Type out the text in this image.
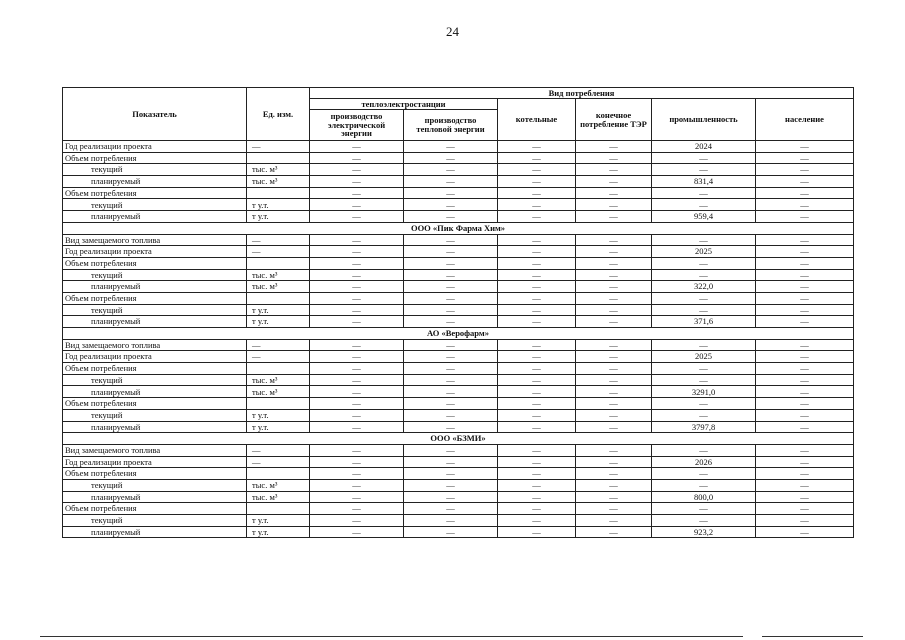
24
Показатель	Ед. изм.	Вид потребления					
		теплоэлектростанции		котельные	конечное потребление ТЭР	промышленность	население
		производство электрической энергии	производство тепловой энергии				
Год реализации проекта	—	—	—	—	—	2024	—
Объем потребления		—	—	—	—	—	—
текущий	тыс. м³	—	—	—	—	—	—
планируемый	тыс. м³	—	—	—	—	831,4	—
Объем потребления		—	—	—	—	—	—
текущий	т у.т.	—	—	—	—	—	—
планируемый	т у.т.	—	—	—	—	959,4	—
ООО «Пик Фарма Хим»							
Вид замещаемого топлива	—	—	—	—	—	—	—
Год реализации проекта	—	—	—	—	—	2025	—
Объем потребления		—	—	—	—	—	—
текущий	тыс. м³	—	—	—	—	—	—
планируемый	тыс. м³	—	—	—	—	322,0	—
Объем потребления		—	—	—	—	—	—
текущий	т у.т.	—	—	—	—	—	—
планируемый	т у.т.	—	—	—	—	371,6	—
АО «Верофарм»							
Вид замещаемого топлива	—	—	—	—	—	—	—
Год реализации проекта	—	—	—	—	—	2025	—
Объем потребления		—	—	—	—	—	—
текущий	тыс. м³	—	—	—	—	—	—
планируемый	тыс. м³	—	—	—	—	3291,0	—
Объем потребления		—	—	—	—	—	—
текущий	т у.т.	—	—	—	—	—	—
планируемый	т у.т.	—	—	—	—	3797,8	—
ООО «БЗМИ»							
Вид замещаемого топлива	—	—	—	—	—	—	—
Год реализации проекта	—	—	—	—	—	2026	—
Объем потребления		—	—	—	—	—	—
текущий	тыс. м³	—	—	—	—	—	—
планируемый	тыс. м³	—	—	—	—	800,0	—
Объем потребления		—	—	—	—	—	—
текущий	т у.т.	—	—	—	—	—	—
планируемый	т у.т.	—	—	—	—	923,2	—
